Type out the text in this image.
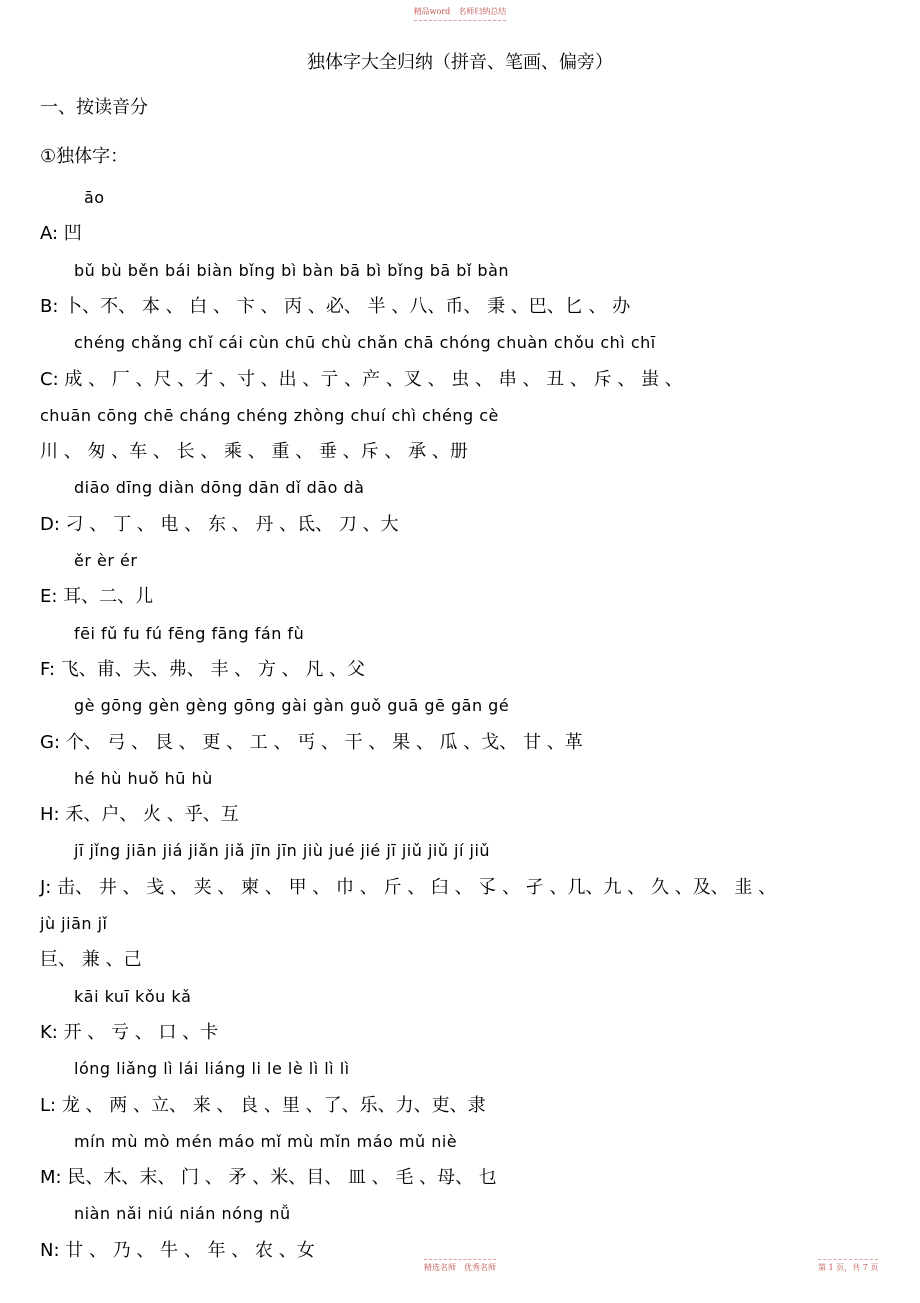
精品word　名师归纳总结
独体字大全归纳（拼音、笔画、偏旁）
一、按读音分
①独体字：
āo
A: 凹
bǔ bù běn bái biàn bǐng bì bàn bā bì bǐng bā bǐ bàn
B: 卜、不、 本 、 白 、 卞 、 丙 、必、 半 、八、币、 秉 、巴、匕 、 办
chéng chǎng chǐ cái cùn chū chù chǎn chā chóng chuàn chǒu chì chī
C: 成 、 厂 、尺 、才 、寸 、出 、亍 、产 、叉 、 虫 、 串 、 丑 、 斥 、 蚩 、
chuān cōng chē cháng chéng zhòng chuí chì chéng cè
川 、 匆 、车 、 长 、 乘 、 重 、 垂 、斥 、 承 、册
diāo dīng diàn dōng dān dǐ dāo dà
D: 刁 、 丁 、 电 、 东 、 丹 、氐、 刀 、大
ěr èr ér
E: 耳、二、儿
fēi fǔ fu fú fēng fāng fán fù
F: 飞、甫、夫、弗、 丰 、 方 、 凡 、父
gè gōng gèn gèng gōng gài gàn guǒ guā gē gān gé
G: 个、 弓 、 艮 、 更 、 工 、 丐 、 干 、 果 、 瓜 、戈、 甘 、革
hé hù huǒ hū hù
H: 禾、户、 火 、乎、互
jī jǐng jiān jiá jiǎn jiǎ jīn jīn jiù jué jié jī jiǔ jiǔ jí jiǔ
J: 击、 井 、 戋 、 夹 、 柬 、 甲 、 巾 、 斤 、 臼 、 孓 、 孑 、几、九 、 久 、及、 韭 、
jù jiān jǐ
巨、 兼 、己
kāi kuī kǒu kǎ
K: 开 、 亏 、 口 、卡
lóng liǎng lì lái liáng li le lè lì lì lì
L: 龙 、 两 、立、 来 、 良 、里 、了、乐、力、吏、隶
mín mù mò mén máo mǐ mù mǐn máo mǔ niè
M: 民、木、末、 门 、 矛 、米、目、 皿 、 毛 、母、 乜
niàn nǎi niú nián nóng nǚ
N: 廿 、 乃 、 牛 、 年 、 农 、女
精选名师　优秀名师	第 1 页，共 7 页
